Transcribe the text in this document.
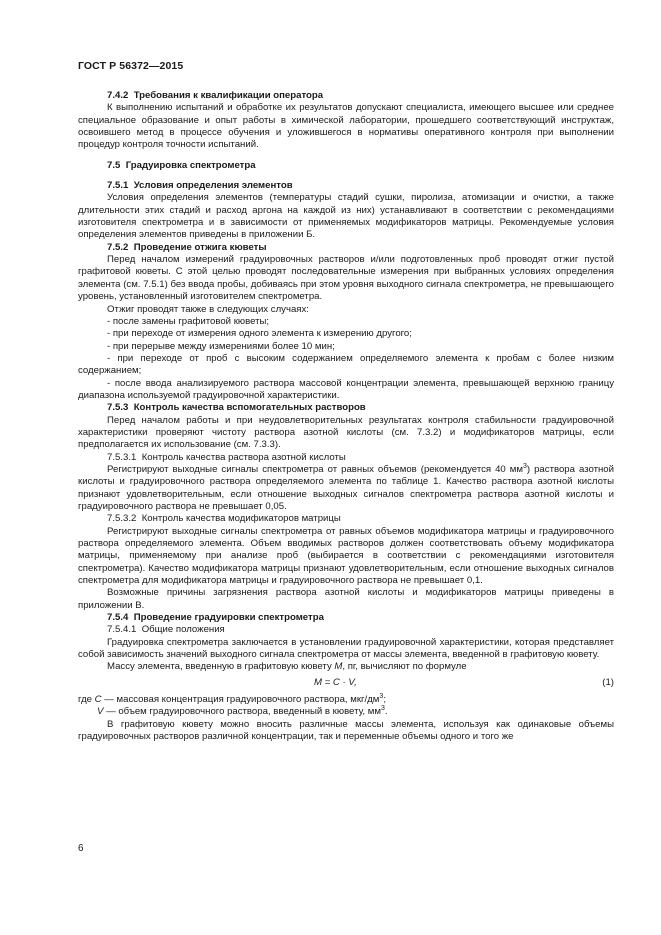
ГОСТ Р 56372—2015

7.4.2 Требования к квалификации оператора

К выполнению испытаний и обработке их результатов допускают специалиста, имеющего высшее или среднее специальное образование и опыт работы в химической лаборатории, прошедшего соответствующий инструктаж, освоившего метод в процессе обучения и уложившегося в нормативы оперативного контроля при выполнении процедур контроля точности испытаний.

7.5 Градуировка спектрометра

7.5.1 Условия определения элементов

Условия определения элементов (температуры стадий сушки, пиролиза, атомизации и очистки, а также длительности этих стадий и расход аргона на каждой из них) устанавливают в соответствии с рекомендациями изготовителя спектрометра и в зависимости от применяемых модификаторов матрицы. Рекомендуемые условия определения элементов приведены в приложении Б.

7.5.2 Проведение отжига кюветы

Перед началом измерений градуировочных растворов и/или подготовленных проб проводят отжиг пустой графитовой кюветы. С этой целью проводят последовательные измерения при выбранных условиях определения элемента (см. 7.5.1) без ввода пробы, добиваясь при этом уровня выходного сигнала спектрометра, не превышающего уровень, установленный изготовителем спектрометра.

Отжиг проводят также в следующих случаях:

- после замены графитовой кюветы;

- при переходе от измерения одного элемента к измерению другого;

- при перерыве между измерениями более 10 мин;

- при переходе от проб с высоким содержанием определяемого элемента к пробам с более низким содержанием;

- после ввода анализируемого раствора массовой концентрации элемента, превышающей верхнюю границу диапазона используемой градуировочной характеристики.

7.5.3 Контроль качества вспомогательных растворов

Перед началом работы и при неудовлетворительных результатах контроля стабильности градуировочной характеристики проверяют чистоту раствора азотной кислоты (см. 7.3.2) и модификаторов матрицы, если предполагается их использование (см. 7.3.3).

7.5.3.1 Контроль качества раствора азотной кислоты

Регистрируют выходные сигналы спектрометра от равных объемов (рекомендуется 40 $мм^3$) раствора азотной кислоты и градуировочного раствора определяемого элемента по таблице 1. Качество раствора азотной кислоты признают удовлетворительным, если отношение выходных сигналов спектрометра раствора азотной кислоты и градуировочного раствора не превышает 0,05.

7.5.3.2 Контроль качества модификаторов матрицы

Регистрируют выходные сигналы спектрометра от равных объемов модификатора матрицы и градуировочного раствора определяемого элемента. Объем вводимых растворов должен соответствовать объему модификатора матрицы, применяемому при анализе проб (выбирается в соответствии с рекомендациями изготовителя спектрометра). Качество модификатора матрицы признают удовлетворительным, если отношение выходных сигналов спектрометра для модификатора матрицы и градуировочного раствора не превышает 0,1.

Возможные причины загрязнения раствора азотной кислоты и модификаторов матрицы приведены в приложении В.

7.5.4 Проведение градуировки спектрометра

7.5.4.1 Общие положения

Градуировка спектрометра заключается в установлении градуировочной характеристики, которая представляет собой зависимость значений выходного сигнала спектрометра от массы элемента, введенной в графитовую кювету.

Массу элемента, введенную в графитовую кювету M, пг, вычисляют по формуле

M = C · V,	(1)

где C — массовая концентрация градуировочного раствора, мкг/$дм^3$;

V — объем градуировочного раствора, введенный в кювету, $мм^3$.

В графитовую кювету можно вносить различные массы элемента, используя как одинаковые объемы градуировочных растворов различной концентрации, так и переменные объемы одного и того же

6
